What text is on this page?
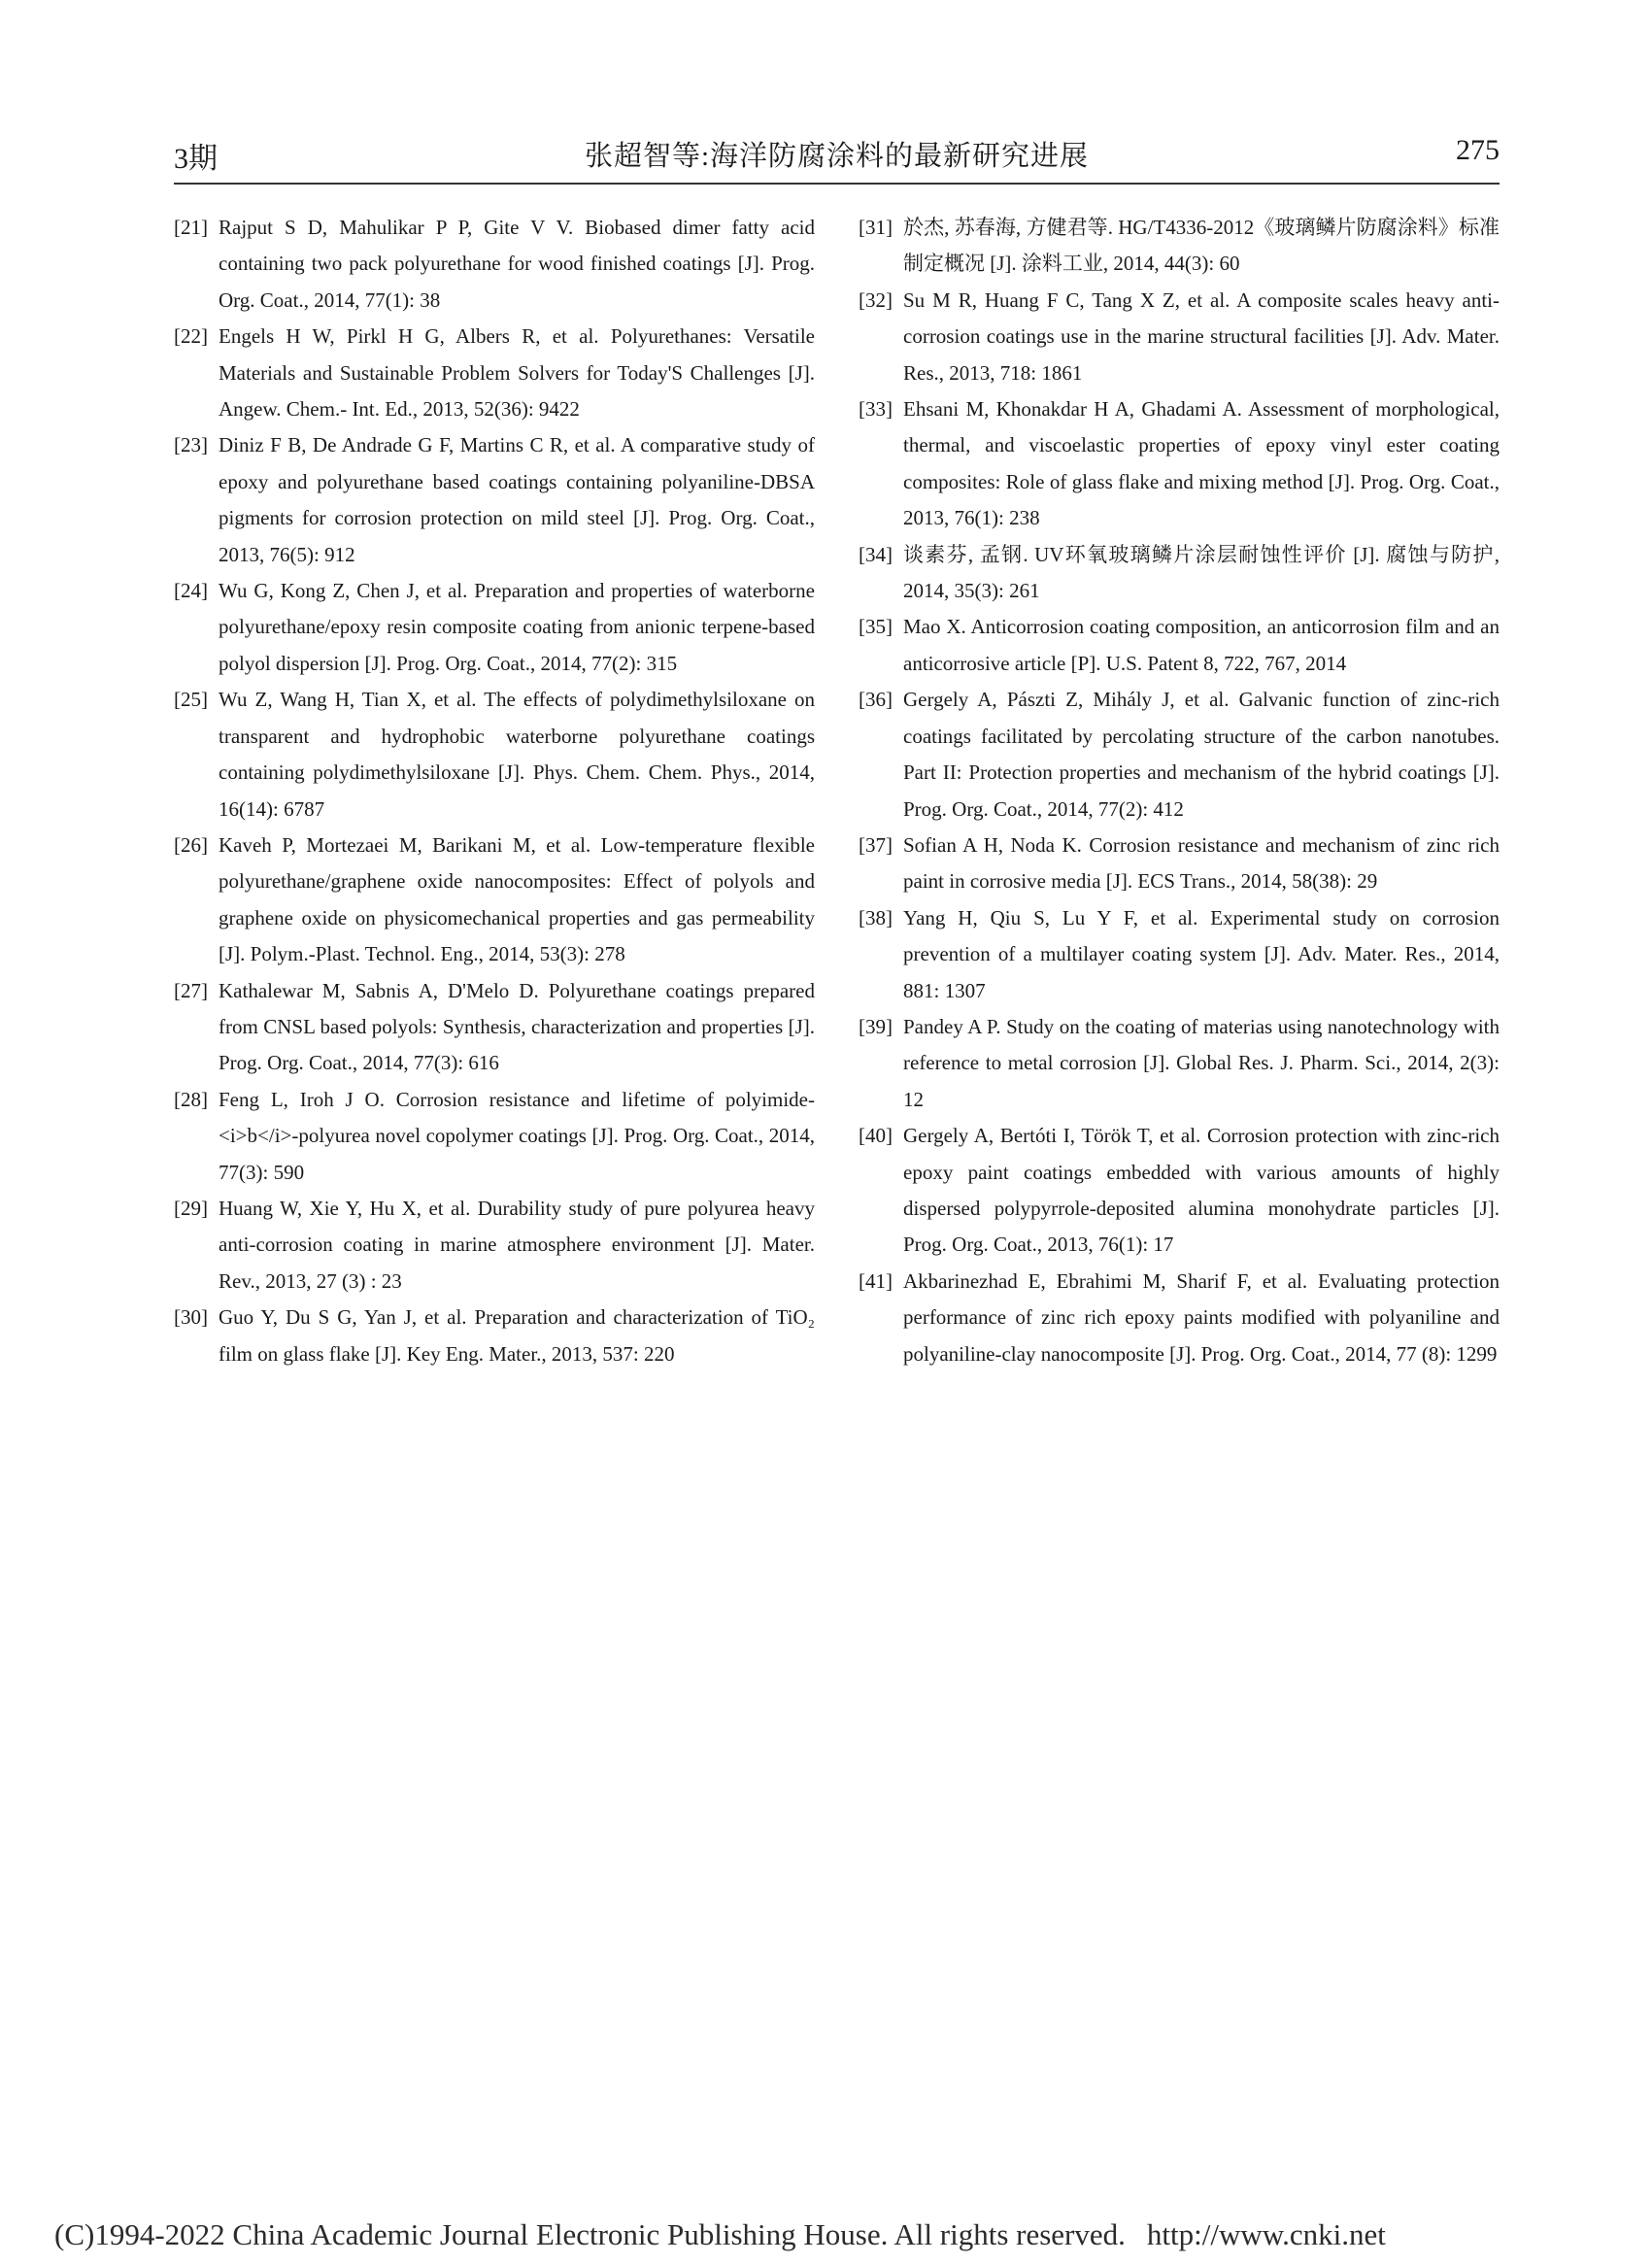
3期	张超智等:海洋防腐涂料的最新研究进展	275
[21] Rajput S D, Mahulikar P P, Gite V V. Biobased dimer fatty acid containing two pack polyurethane for wood finished coatings [J]. Prog. Org. Coat., 2014, 77(1): 38
[22] Engels H W, Pirkl H G, Albers R, et al. Polyurethanes: Versatile Materials and Sustainable Problem Solvers for Today'S Challenges [J]. Angew. Chem.- Int. Ed., 2013, 52(36): 9422
[23] Diniz F B, De Andrade G F, Martins C R, et al. A comparative study of epoxy and polyurethane based coatings containing polyaniline-DBSA pigments for corrosion protection on mild steel [J]. Prog. Org. Coat., 2013, 76(5): 912
[24] Wu G, Kong Z, Chen J, et al. Preparation and properties of waterborne polyurethane/epoxy resin composite coating from anionic terpene-based polyol dispersion [J]. Prog. Org. Coat., 2014, 77(2): 315
[25] Wu Z, Wang H, Tian X, et al. The effects of polydimethylsiloxane on transparent and hydrophobic waterborne polyurethane coatings containing polydimethylsiloxane [J]. Phys. Chem. Chem. Phys., 2014, 16(14): 6787
[26] Kaveh P, Mortezaei M, Barikani M, et al. Low-temperature flexible polyurethane/graphene oxide nanocomposites: Effect of polyols and graphene oxide on physicomechanical properties and gas permeability [J]. Polym.-Plast. Technol. Eng., 2014, 53(3): 278
[27] Kathalewar M, Sabnis A, D'Melo D. Polyurethane coatings prepared from CNSL based polyols: Synthesis, characterization and properties [J]. Prog. Org. Coat., 2014, 77(3): 616
[28] Feng L, Iroh J O. Corrosion resistance and lifetime of polyimide-<i>b</i>-polyurea novel copolymer coatings [J]. Prog. Org. Coat., 2014, 77(3): 590
[29] Huang W, Xie Y, Hu X, et al. Durability study of pure polyurea heavy anti-corrosion coating in marine atmosphere environment [J]. Mater. Rev., 2013, 27 (3) : 23
[30] Guo Y, Du S G, Yan J, et al. Preparation and characterization of TiO₂ film on glass flake [J]. Key Eng. Mater., 2013, 537: 220
[31] 於杰, 苏春海, 方健君等. HG/T4336-2012《玻璃鳞片防腐涂料》标准制定概况 [J]. 涂料工业, 2014, 44(3): 60
[32] Su M R, Huang F C, Tang X Z, et al. A composite scales heavy anti- corrosion coatings use in the marine structural facilities [J]. Adv. Mater. Res., 2013, 718: 1861
[33] Ehsani M, Khonakdar H A, Ghadami A. Assessment of morphological, thermal, and viscoelastic properties of epoxy vinyl ester coating composites: Role of glass flake and mixing method [J]. Prog. Org. Coat., 2013, 76(1): 238
[34] 谈素芬, 孟钢. UV环氧玻璃鳞片涂层耐蚀性评价 [J]. 腐蚀与防护, 2014, 35(3): 261
[35] Mao X. Anticorrosion coating composition, an anticorrosion film and an anticorrosive article [P]. U.S. Patent 8, 722, 767, 2014
[36] Gergely A, Pászti Z, Mihály J, et al. Galvanic function of zinc-rich coatings facilitated by percolating structure of the carbon nanotubes. Part II: Protection properties and mechanism of the hybrid coatings [J]. Prog. Org. Coat., 2014, 77(2): 412
[37] Sofian A H, Noda K. Corrosion resistance and mechanism of zinc rich paint in corrosive media [J]. ECS Trans., 2014, 58(38): 29
[38] Yang H, Qiu S, Lu Y F, et al. Experimental study on corrosion prevention of a multilayer coating system [J]. Adv. Mater. Res., 2014, 881: 1307
[39] Pandey A P. Study on the coating of materias using nanotechnology with reference to metal corrosion [J]. Global Res. J. Pharm. Sci., 2014, 2(3): 12
[40] Gergely A, Bertóti I, Török T, et al. Corrosion protection with zinc-rich epoxy paint coatings embedded with various amounts of highly dispersed polypyrrole-deposited alumina monohydrate particles [J]. Prog. Org. Coat., 2013, 76(1): 17
[41] Akbarinezhad E, Ebrahimi M, Sharif F, et al. Evaluating protection performance of zinc rich epoxy paints modified with polyaniline and polyaniline-clay nanocomposite [J]. Prog. Org. Coat., 2014, 77 (8): 1299
(C)1994-2022 China Academic Journal Electronic Publishing House. All rights reserved. http://www.cnki.net
